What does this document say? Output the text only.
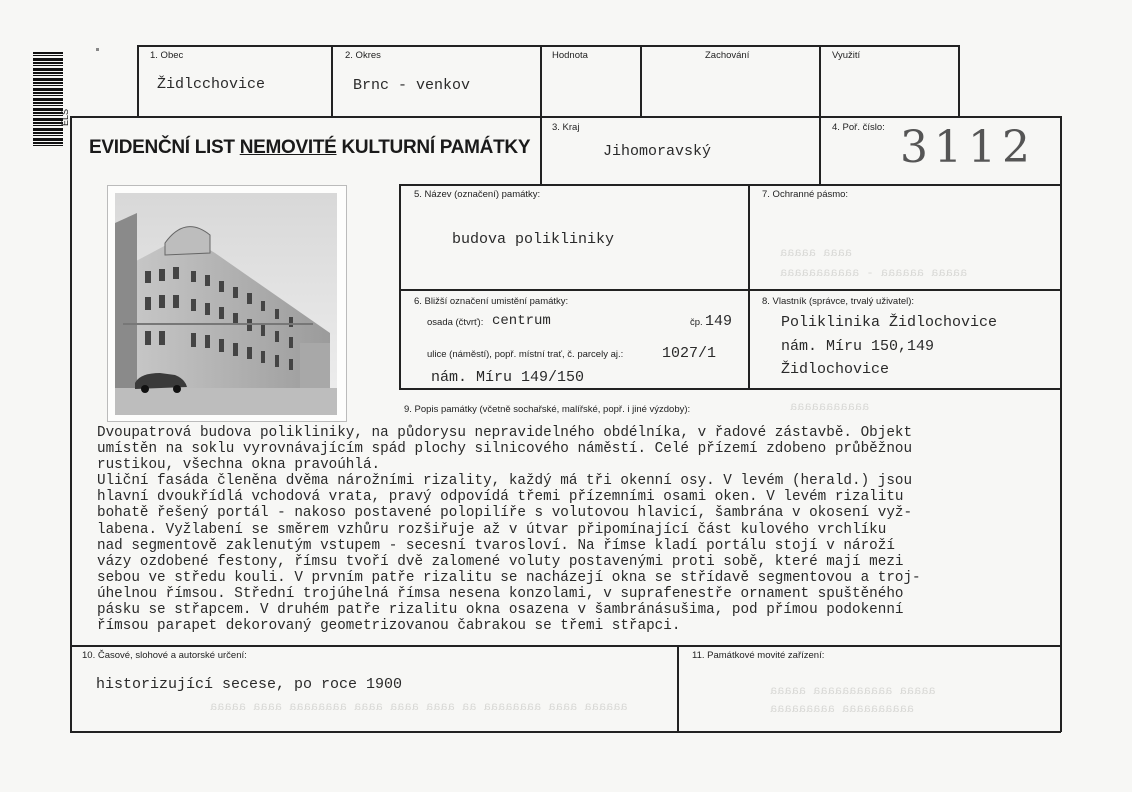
ELS
1. Obec
Židlcchovice
2. Okres
Brnc - venkov
Hodnota	Zachování	Využití
EVIDENČNÍ LIST NEMOVITÉ KULTURNÍ PAMÁTKY
3. Kraj
Jihomoravský
4. Poř. číslo: 3112
5. Název (označení) památky:
budova polikliniky
7. Ochranné pásmo:
6. Bližší označení umistění památky:
osada (čtvrť): centrum	čp. 149
ulice (náměstí), popř. místní trať, č. parcely aj.:	1027/1
nám. Míru 149/150
8. Vlastník (správce, trvalý uživatel):
Poliklinika Židlochovice
nám. Míru 150,149
Židlochovice
aaaa aaaaa
aaaaa aaaaaa - aaaaaaaaaaa
aaaaaaaaaaa
9. Popis památky (včetně sochařské, malířské, popř. i jiné výzdoby):
Dvoupatrová budova polikliniky, na půdorysu nepravidelného obdélníka, v řadové zástavbě. Objekt
umístěn na soklu vyrovnávajícím spád plochy silnicového náměstí. Celé přízemí zdobeno průběžnou
rustikou, všechna okna pravoúhlá.
Uliční fasáda členěna dvěma nárožními rizality, každý má tři okenní osy. V levém (herald.) jsou
hlavní dvoukřídlá vchodová vrata, pravý odpovídá třemi přízemními osami oken. V levém rizalitu
bohatě řešený portál - nakoso postavené polopilíře s volutovou hlavicí, šambrána v okosení vyž-
labena. Vyžlabení se směrem vzhůru rozšiřuje až v útvar připomínající část kulového vrchlíku
nad segmentově zaklenutým vstupem - secesní tvarosloví. Na římse kladí portálu stojí v nároží
vázy ozdobené festony, římsu tvoří dvě zalomené voluty postavenými proti sobě, které mají mezi
sebou ve středu kouli. V prvním patře rizalitu se nacházejí okna se střídavě segmentovou a troj-
úhelnou římsou. Střední trojúhelná římsa nesena konzolami, v suprafenestře ornament spuštěného
pásku se střapcem. V druhém patře rizalitu okna osazena v šambránásušima, pod přímou podokenní
římsou parapet dekorovaný geometrizovanou čabrakou se třemi střapci.
10. Časové, slohové a autorské určení:
historizující secese, po roce 1900
11. Památkové movité zařízení:
aaaaaa aaaa aaaaaaaa aa aaaa aaaa aaaa aaaaaaaa aaaa aaaaa
aaaaa aaaaaaaaaaa aaaaa
aaaaaaaaaa aaaaaaaaa
